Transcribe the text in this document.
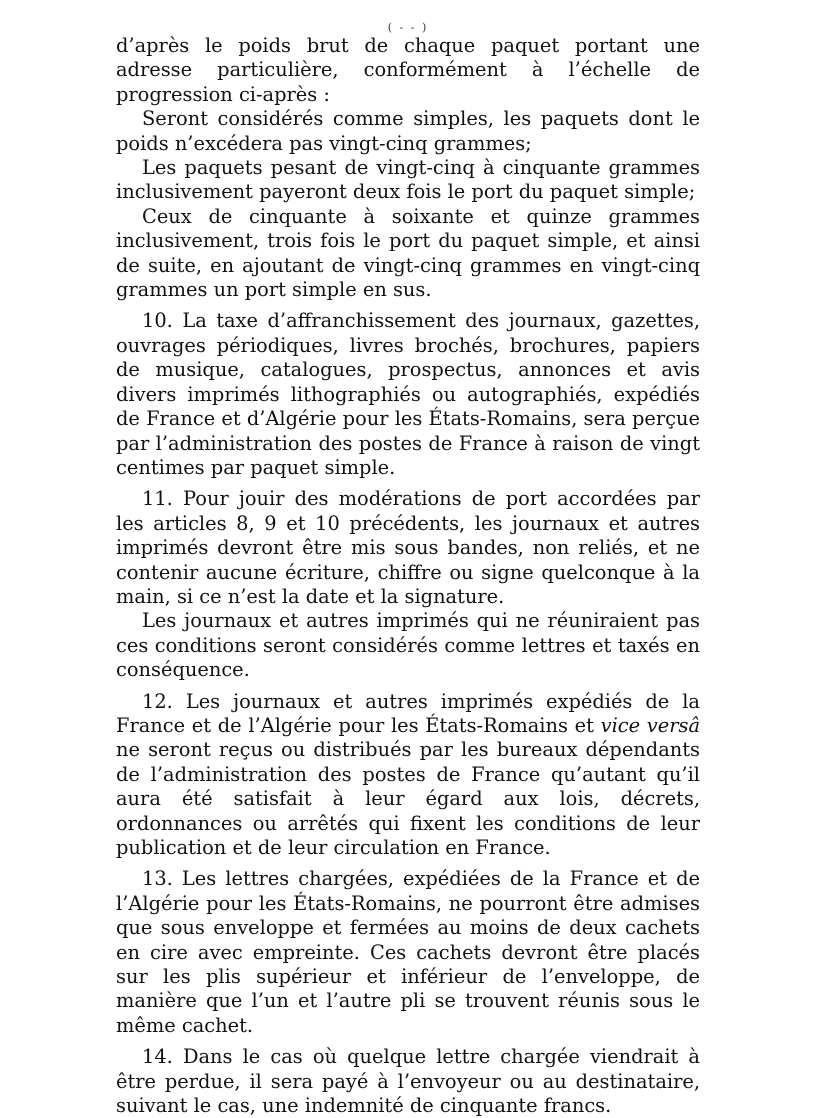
( - - )

d’après le poids brut de chaque paquet portant une adresse particulière, conformément à l’échelle de progression ci-après :

Seront considérés comme simples, les paquets dont le poids n’excédera pas vingt-cinq grammes;

Les paquets pesant de vingt-cinq à cinquante grammes inclusivement payeront deux fois le port du paquet simple;

Ceux de cinquante à soixante et quinze grammes inclusivement, trois fois le port du paquet simple, et ainsi de suite, en ajoutant de vingt-cinq grammes en vingt-cinq grammes un port simple en sus.

10. La taxe d’affranchissement des journaux, gazettes, ouvrages périodiques, livres brochés, brochures, papiers de musique, catalogues, prospectus, annonces et avis divers imprimés lithographiés ou autographiés, expédiés de France et d’Algérie pour les États-Romains, sera perçue par l’administration des postes de France à raison de vingt centimes par paquet simple.

11. Pour jouir des modérations de port accordées par les articles 8, 9 et 10 précédents, les journaux et autres imprimés devront être mis sous bandes, non reliés, et ne contenir aucune écriture, chiffre ou signe quelconque à la main, si ce n’est la date et la signature.

Les journaux et autres imprimés qui ne réuniraient pas ces conditions seront considérés comme lettres et taxés en conséquence.

12. Les journaux et autres imprimés expédiés de la France et de l’Algérie pour les États-Romains et vice versâ ne seront reçus ou distribués par les bureaux dépendants de l’administration des postes de France qu’autant qu’il aura été satisfait à leur égard aux lois, décrets, ordonnances ou arrêtés qui fixent les conditions de leur publication et de leur circulation en France.

13. Les lettres chargées, expédiées de la France et de l’Algérie pour les États-Romains, ne pourront être admises que sous enveloppe et fermées au moins de deux cachets en cire avec empreinte. Ces cachets devront être placés sur les plis supérieur et inférieur de l’enveloppe, de manière que l’un et l’autre pli se trouvent réunis sous le même cachet.

14. Dans le cas où quelque lettre chargée viendrait à être perdue, il sera payé à l’envoyeur ou au destinataire, suivant le cas, une indemnité de cinquante francs.
